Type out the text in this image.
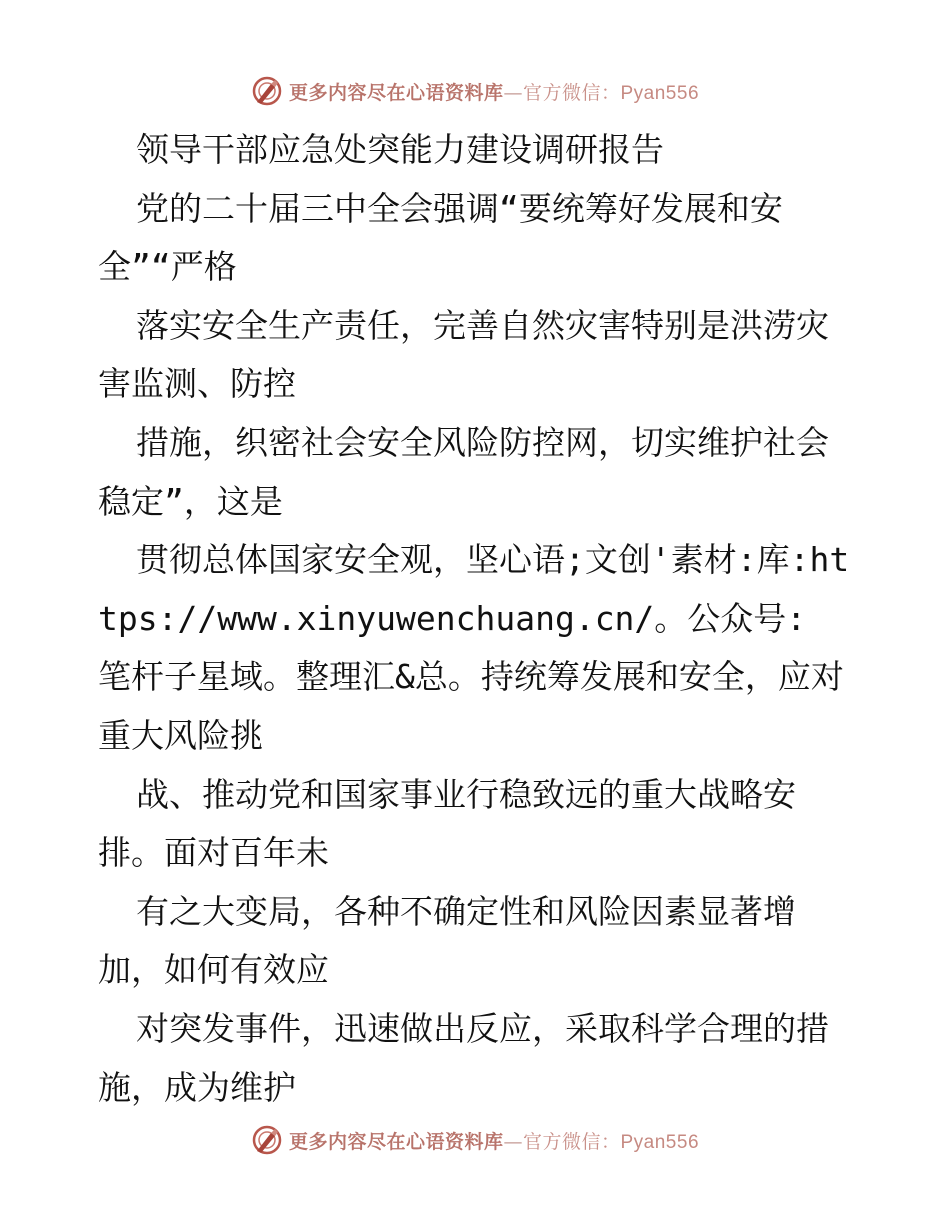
更多内容尽在心语资料库—官方微信：Pyan556

领导干部应急处突能力建设调研报告

党的二十届三中全会强调“要统筹好发展和安全”“严格

落实安全生产责任，完善自然灾害特别是洪涝灾害监测、防控

措施，织密社会安全风险防控网，切实维护社会稳定”，这是

贯彻总体国家安全观，坚心语;文创'素材:库:https://www.xinyuwenchuang.cn/。公众号: 笔杆子星域。整理汇&总。持统筹发展和安全，应对重大风险挑

战、推动党和国家事业行稳致远的重大战略安排。面对百年未

有之大变局，各种不确定性和风险因素显著增加，如何有效应

对突发事件，迅速做出反应，采取科学合理的措施，成为维护

更多内容尽在心语资料库—官方微信：Pyan556
